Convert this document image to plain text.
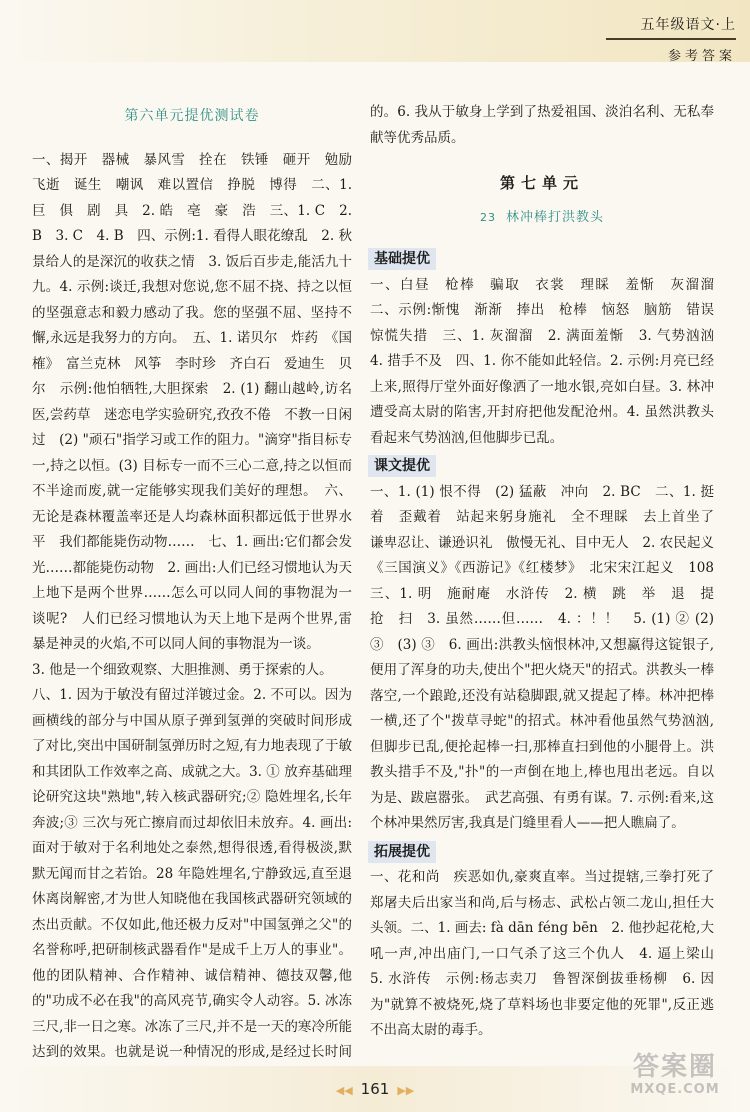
五年级语文·上
参考答案
第六单元提优测试卷

一、揭开　器械　暴风雪　拴在　铁锤　砸开　勉励　飞逝　诞生　嘲讽　难以置信　挣脱　博得　二、1. 巨　俱　剧　具　2. 皓　亳　豪　浩　三、1. C　2. B　3. C　4. B　四、示例:1. 看得人眼花缭乱　2. 秋景给人的是深沉的收获之情　3. 饭后百步走,能活九十九。4. 示例:谈迁,我想对您说,您不屈不挠、持之以恒的坚强意志和毅力感动了我。您的坚强不屈、坚持不懈,永远是我努力的方向。　五、1. 诺贝尔　炸药　《国榷》　富兰克林　风筝　李时珍　齐白石　爱迪生　贝尔　示例:他怕牺牲,大胆探索　2. (1) 翻山越岭,访名医,尝药草　迷恋电学实验研究,孜孜不倦　不教一日闲过　(2) "顽石"指学习或工作的阻力。"滴穿"指目标专一,持之以恒。(3) 目标专一而不三心二意,持之以恒而不半途而废,就一定能够实现我们美好的理想。　六、无论是森林覆盖率还是人均森林面积都远低于世界水平　我们都能毙伤动物……　七、1. 画出:它们都会发光……都能毙伤动物　2. 画出:人们已经习惯地认为天上地下是两个世界……怎么可以同人间的事物混为一谈呢?　人们已经习惯地认为天上地下是两个世界,雷暴是神灵的火焰,不可以同人间的事物混为一谈。

3. 他是一个细致观察、大胆推测、勇于探索的人。

八、1. 因为于敏没有留过洋镀过金。2. 不可以。因为画横线的部分与中国从原子弹到氢弹的突破时间形成了对比,突出中国研制氢弹历时之短,有力地表现了于敏和其团队工作效率之高、成就之大。3. ① 放弃基础理论研究这块"熟地",转入核武器研究;② 隐姓埋名,长年奔波;③ 三次与死亡擦肩而过却依旧未放弃。4. 画出:面对于敏对于名利地处之泰然,想得很透,看得极淡,默默无闻而甘之若饴。28 年隐姓埋名,宁静致远,直至退休离岗解密,才为世人知晓他在我国核武器研究领域的杰出贡献。不仅如此,他还极力反对"中国氢弹之父"的名誉称呼,把研制核武器看作"是成千上万人的事业"。他的团队精神、合作精神、诚信精神、德技双馨,他的"功成不必在我"的高风亮节,确实令人动容。5. 冰冻三尺,非一日之寒。冰冻了三尺,并不是一天的寒冷所能达到的效果。也就是说一种情况的形成,是经过长时间

的。6. 我从于敏身上学到了热爱祖国、淡泊名利、无私奉献等优秀品质。

第七单元
23 林冲棒打洪教头
基础提优

一、白昼　枪棒　骗取　衣裳　理睬　羞惭　灰溜溜　二、示例:惭愧　渐渐　捧出　枪棒　恼怒　脑筋　错误　惊慌失措　三、1. 灰溜溜　2. 满面羞惭　3. 气势汹汹　4. 措手不及　四、1. 你不能如此轻信。2. 示例:月亮已经上来,照得厅堂外面好像洒了一地水银,亮如白昼。3. 林冲遭受高太尉的陷害,开封府把他发配沧州。4. 虽然洪教头看起来气势汹汹,但他脚步已乱。

课文提优

一、1. (1) 恨不得　(2) 猛蔽　冲向　2. BC　二、1. 挺着　歪戴着　站起来躬身施礼　全不理睬　去上首坐了　谦卑忍让、谦逊识礼　傲慢无礼、目中无人　2. 农民起义　《三国演义》《西游记》《红楼梦》　北宋宋江起义　108　三、1. 明　施耐庵　水浒传　2. 横　跳　举　退　提　抢　扫　3. 虽然……但……　4. ：！！　5. (1) ② (2) ③　(3) ③　6. 画出:洪教头恼恨林冲,又想赢得这锭银子,便用了浑身的功夫,使出个"把火烧天"的招式。洪教头一棒落空,一个踉跄,还没有站稳脚跟,就又提起了棒。林冲把棒一横,还了个"拨草寻蛇"的招式。林冲看他虽然气势汹汹,但脚步已乱,便抡起棒一扫,那棒直扫到他的小腿骨上。洪教头措手不及,"扑"的一声倒在地上,棒也甩出老远。自以为是、跋扈嚣张。　武艺高强、有勇有谋。7. 示例:看来,这个林冲果然厉害,我真是门缝里看人——把人瞧扁了。

拓展提优

一、花和尚　疾恶如仇,豪爽直率。当过提辖,三拳打死了郑屠夫后出家当和尚,后与杨志、武松占领二龙山,担任大头领。二、1. 画去: fà dān féng bēn　2. 他抄起花枪,大吼一声,冲出庙门,一口气杀了这三个仇人　4. 逼上梁山　5. 水浒传　示例:杨志卖刀　鲁智深倒拔垂杨柳　6. 因为"就算不被烧死,烧了草料场也非要定他的死罪",反正逃不出高太尉的毒手。

◀◀ 161 ▶▶
答案圈
MXQE.COM
